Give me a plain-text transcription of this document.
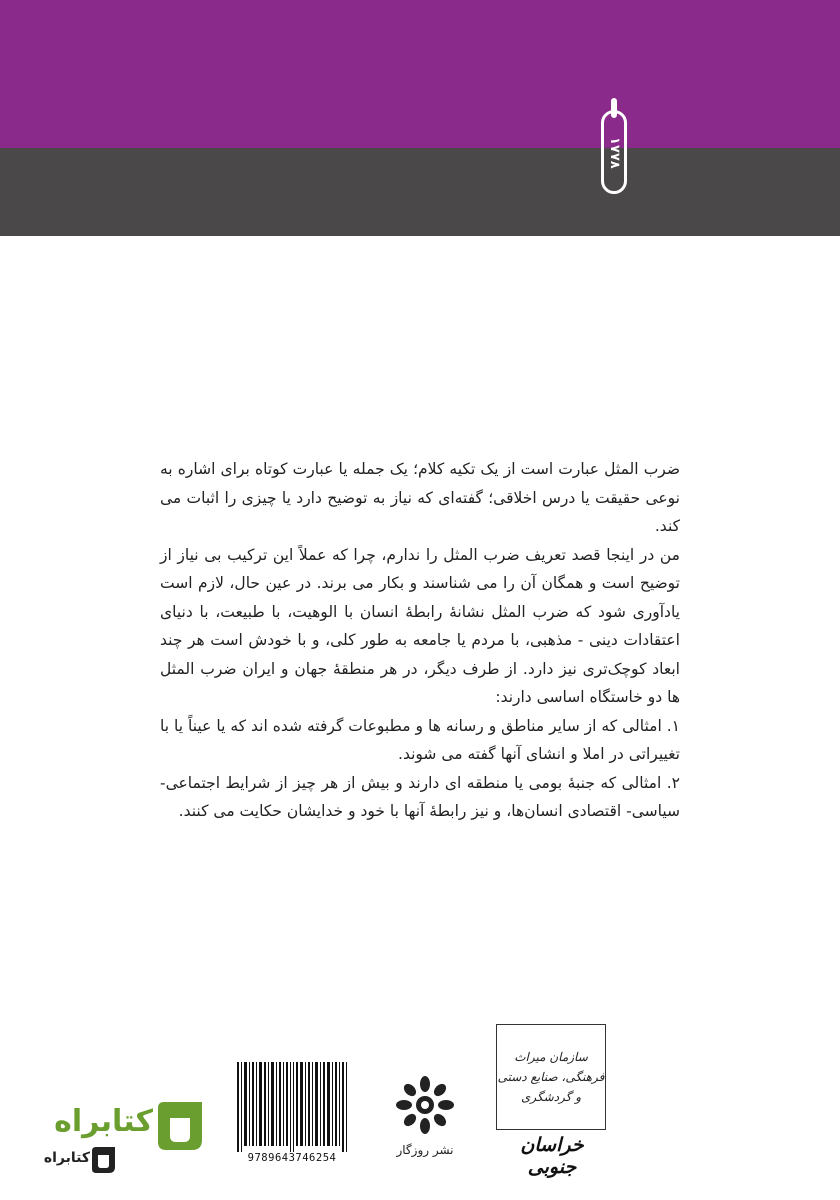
۱۷۷۸

ضرب المثل عبارت است از یک تکیه کلام؛ یک جمله یا عبارت کوتاه برای اشاره به نوعی حقیقت یا درس اخلاقی؛ گفته‌ای که نیاز به توضیح دارد یا چیزی را اثبات می کند.

من در اینجا قصد تعریف ضرب المثل را ندارم، چرا که عملاً این ترکیب بی نیاز از توضیح است و همگان آن را می شناسند و بکار می برند. در عین حال، لازم است یادآوری شود که ضرب المثل نشانهٔ رابطهٔ انسان با الوهیت، با طبیعت، با دنیای اعتقادات دینی - مذهبی، با مردم یا جامعه به طور کلی، و با خودش است هر چند ابعاد کوچک‌تری نیز دارد. از طرف دیگر، در هر منطقهٔ جهان و ایران ضرب المثل ها دو خاستگاه اساسی دارند:

۱. امثالی که از سایر مناطق و رسانه ها و مطبوعات گرفته شده اند که یا عیناً یا با تغییراتی در املا و انشای آنها گفته می شوند.

۲. امثالی که جنبهٔ بومی یا منطقه ای دارند و بیش از هر چیز از شرایط اجتماعی- سیاسی- اقتصادی انسان‌ها، و نیز رابطهٔ آنها با خود و خدایشان حکایت می کنند.

9789643746254
نشر روزگار
سازمان میراث فرهنگی، صنایع دستی و گردشگری
خراسان جنوبی
کتابراه
کتابراه
